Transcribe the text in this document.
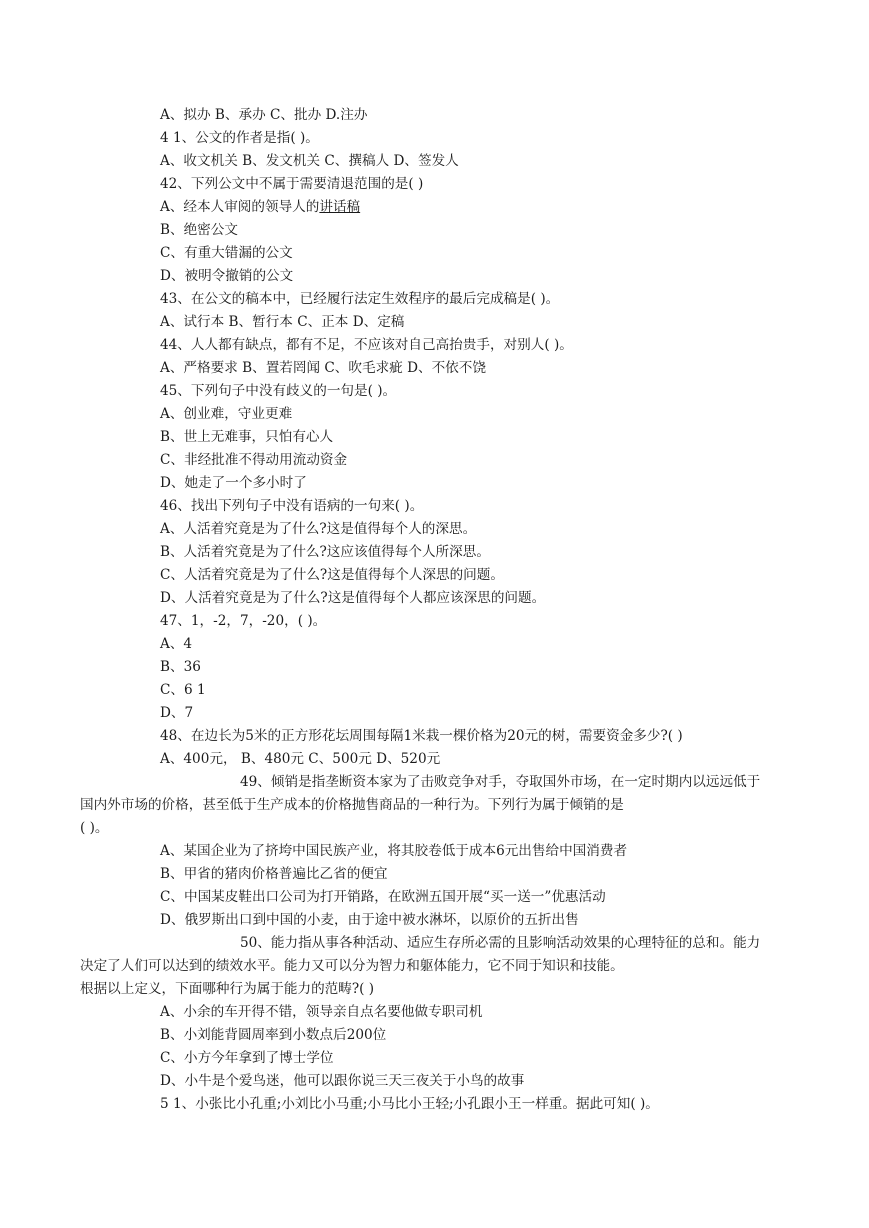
A、拟办 B、承办 C、批办 D.注办
4 1、公文的作者是指( )。
A、收文机关 B、发文机关 C、撰稿人 D、签发人
42、下列公文中不属于需要清退范围的是( )
A、经本人审阅的领导人的讲话稿
B、绝密公文
C、有重大错漏的公文
D、被明令撤销的公文
43、在公文的稿本中，已经履行法定生效程序的最后完成稿是( )。
A、试行本 B、暂行本 C、正本 D、定稿
44、人人都有缺点，都有不足，不应该对自己高抬贵手，对别人( )。
A、严格要求 B、置若罔闻 C、吹毛求疵 D、不依不饶
45、下列句子中没有歧义的一句是( )。
A、创业难，守业更难
B、世上无难事，只怕有心人
C、非经批准不得动用流动资金
D、她走了一个多小时了
46、找出下列句子中没有语病的一句来( )。
A、人活着究竟是为了什么?这是值得每个人的深思。
B、人活着究竟是为了什么?这应该值得每个人所深思。
C、人活着究竟是为了什么?这是值得每个人深思的问题。
D、人活着究竟是为了什么?这是值得每个人都应该深思的问题。
47、1，-2，7，-20，( )。
A、4
B、36
C、6 1
D、7
48、在边长为5米的正方形花坛周围每隔1米栽一棵价格为20元的树，需要资金多少?( )
A、400元， B、480元 C、500元 D、520元
49、倾销是指垄断资本家为了击败竞争对手，夺取国外市场，在一定时期内以远远低于
国内外市场的价格，甚至低于生产成本的价格抛售商品的一种行为。下列行为属于倾销的是
( )。
A、某国企业为了挤垮中国民族产业，将其胶卷低于成本6元出售给中国消费者
B、甲省的猪肉价格普遍比乙省的便宜
C、中国某皮鞋出口公司为打开销路，在欧洲五国开展“买一送一”优惠活动
D、俄罗斯出口到中国的小麦，由于途中被水淋坏，以原价的五折出售
50、能力指从事各种活动、适应生存所必需的且影响活动效果的心理特征的总和。能力
决定了人们可以达到的绩效水平。能力又可以分为智力和躯体能力，它不同于知识和技能。
根据以上定义，下面哪种行为属于能力的范畴?( )
A、小余的车开得不错，领导亲自点名要他做专职司机
B、小刘能背圆周率到小数点后200位
C、小方今年拿到了博士学位
D、小牛是个爱鸟迷，他可以跟你说三天三夜关于小鸟的故事
5 1、小张比小孔重;小刘比小马重;小马比小王轻;小孔跟小王一样重。据此可知( )。
